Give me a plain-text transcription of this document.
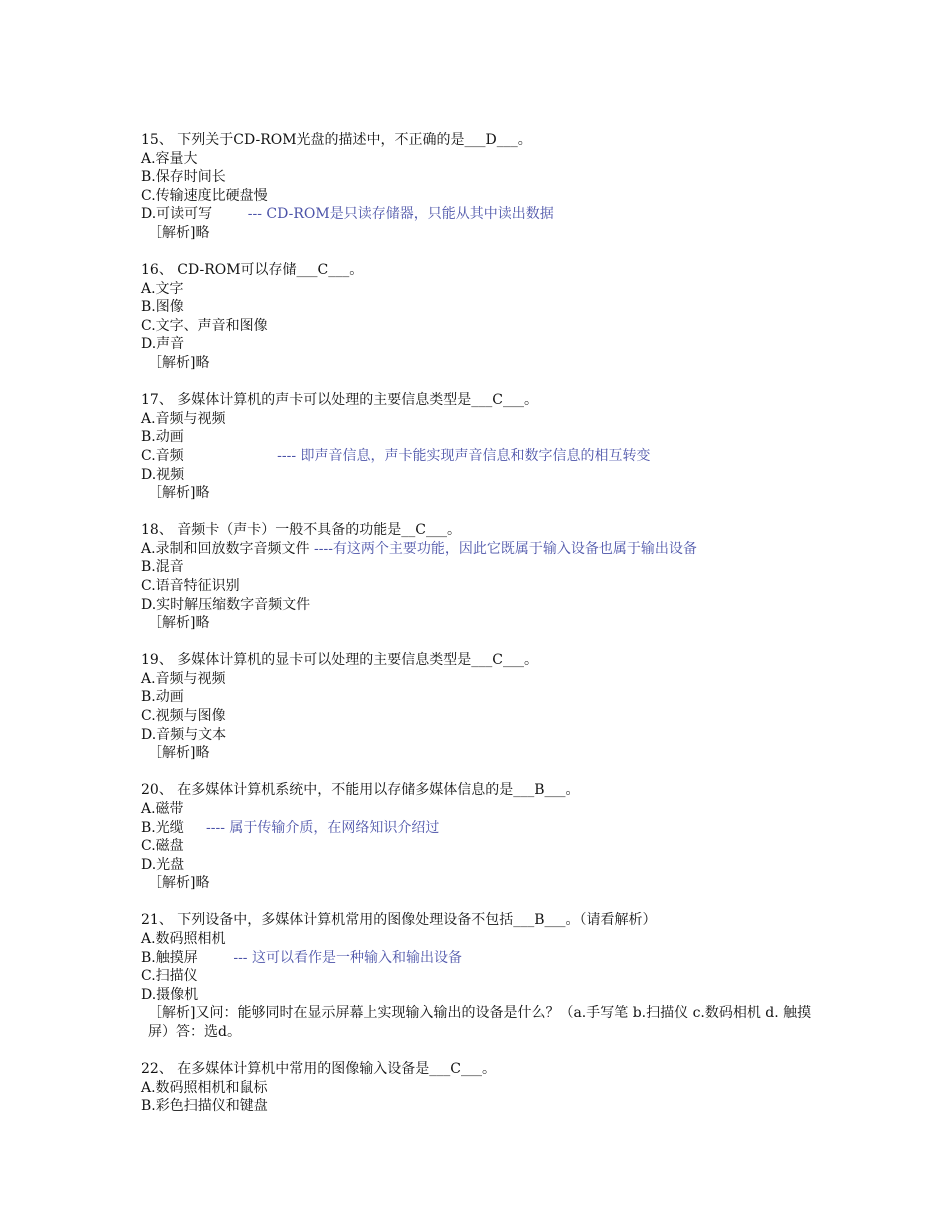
15、 下列关于CD-ROM光盘的描述中，不正确的是___D___。
A.容量大
B.保存时间长
C.传输速度比硬盘慢
D.可读可写        --- CD-ROM是只读存储器，只能从其中读出数据
［解析]略
16、 CD-ROM可以存储___C___。
A.文字
B.图像
C.文字、声音和图像
D.声音
［解析]略
17、 多媒体计算机的声卡可以处理的主要信息类型是___C___。
A.音频与视频
B.动画
C.音频                     ---- 即声音信息，声卡能实现声音信息和数字信息的相互转变
D.视频
［解析]略
18、 音频卡（声卡）一般不具备的功能是__C___。
A.录制和回放数字音频文件 ----有这两个主要功能，因此它既属于输入设备也属于输出设备
B.混音
C.语音特征识别
D.实时解压缩数字音频文件
［解析]略
19、 多媒体计算机的显卡可以处理的主要信息类型是___C___。
A.音频与视频
B.动画
C.视频与图像
D.音频与文本
［解析]略
20、 在多媒体计算机系统中，不能用以存储多媒体信息的是___B___。
A.磁带
B.光缆     ---- 属于传输介质，在网络知识介绍过
C.磁盘
D.光盘
［解析]略
21、 下列设备中，多媒体计算机常用的图像处理设备不包括___B___。（请看解析）
A.数码照相机
B.触摸屏        --- 这可以看作是一种输入和输出设备
C.扫描仪
D.摄像机
［解析]又问：能够同时在显示屏幕上实现输入输出的设备是什么？（a.手写笔 b.扫描仪 c.数码相机 d. 触摸屏）答：选d。
22、 在多媒体计算机中常用的图像输入设备是___C___。
A.数码照相机和鼠标
B.彩色扫描仪和键盘
